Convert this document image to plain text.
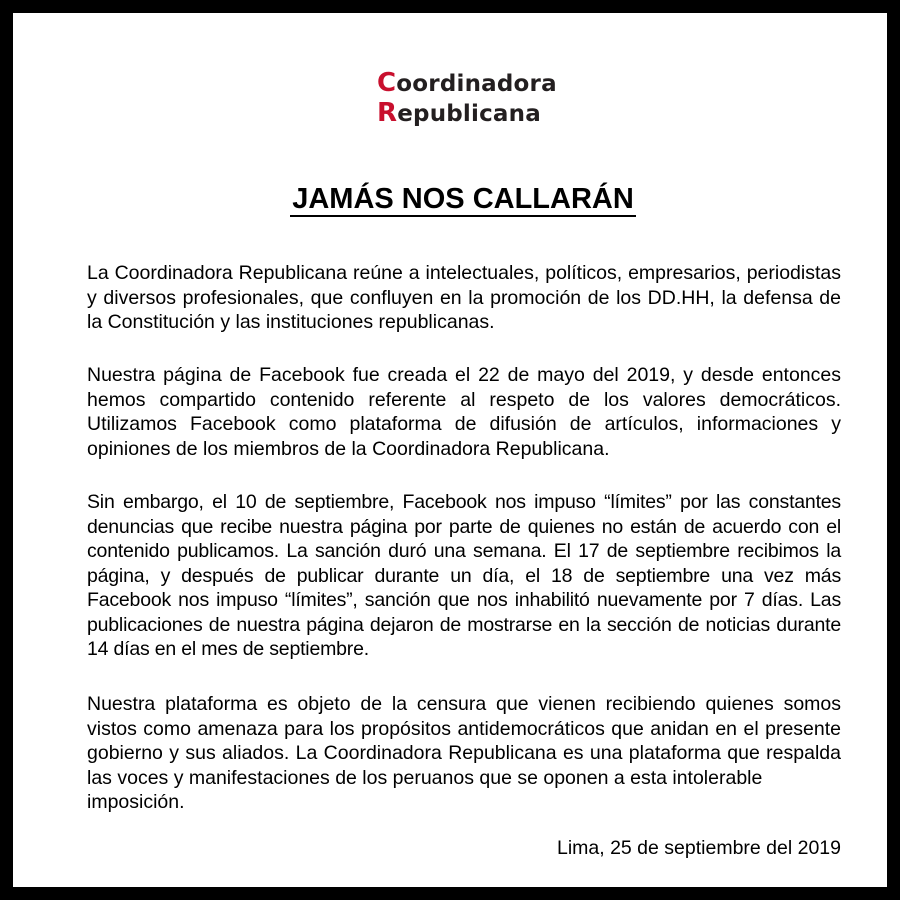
Coordinadora
Republicana
JAMÁS NOS CALLARÁN

La Coordinadora Republicana reúne a intelectuales, políticos, empresarios, periodistas y diversos profesionales, que confluyen en la promoción de los DD.HH, la defensa de la Constitución y las instituciones republicanas.

Nuestra página de Facebook fue creada el 22 de mayo del 2019, y desde entonces hemos compartido contenido referente al respeto de los valores democráticos. Utilizamos Facebook como plataforma de difusión de artículos, informaciones y opiniones de los miembros de la Coordinadora Republicana.

Sin embargo, el 10 de septiembre, Facebook nos impuso “límites” por las constantes denuncias que recibe nuestra página por parte de quienes no están de acuerdo con el contenido publicamos. La sanción duró una semana. El 17 de septiembre recibimos la página, y después de publicar durante un día, el 18 de septiembre una vez más Facebook nos impuso “límites”, sanción que nos inhabilitó nuevamente por 7 días. Las publicaciones de nuestra página dejaron de mostrarse en la sección de noticias durante 14 días en el mes de septiembre.

Nuestra plataforma es objeto de la censura que vienen recibiendo quienes somos vistos como amenaza para los propósitos antidemocráticos que anidan en el presente gobierno y sus aliados. La Coordinadora Republicana es una plataforma que respalda las voces y manifestaciones de los peruanos que se oponen a esta intolerable

imposición.

Lima, 25 de septiembre del 2019
